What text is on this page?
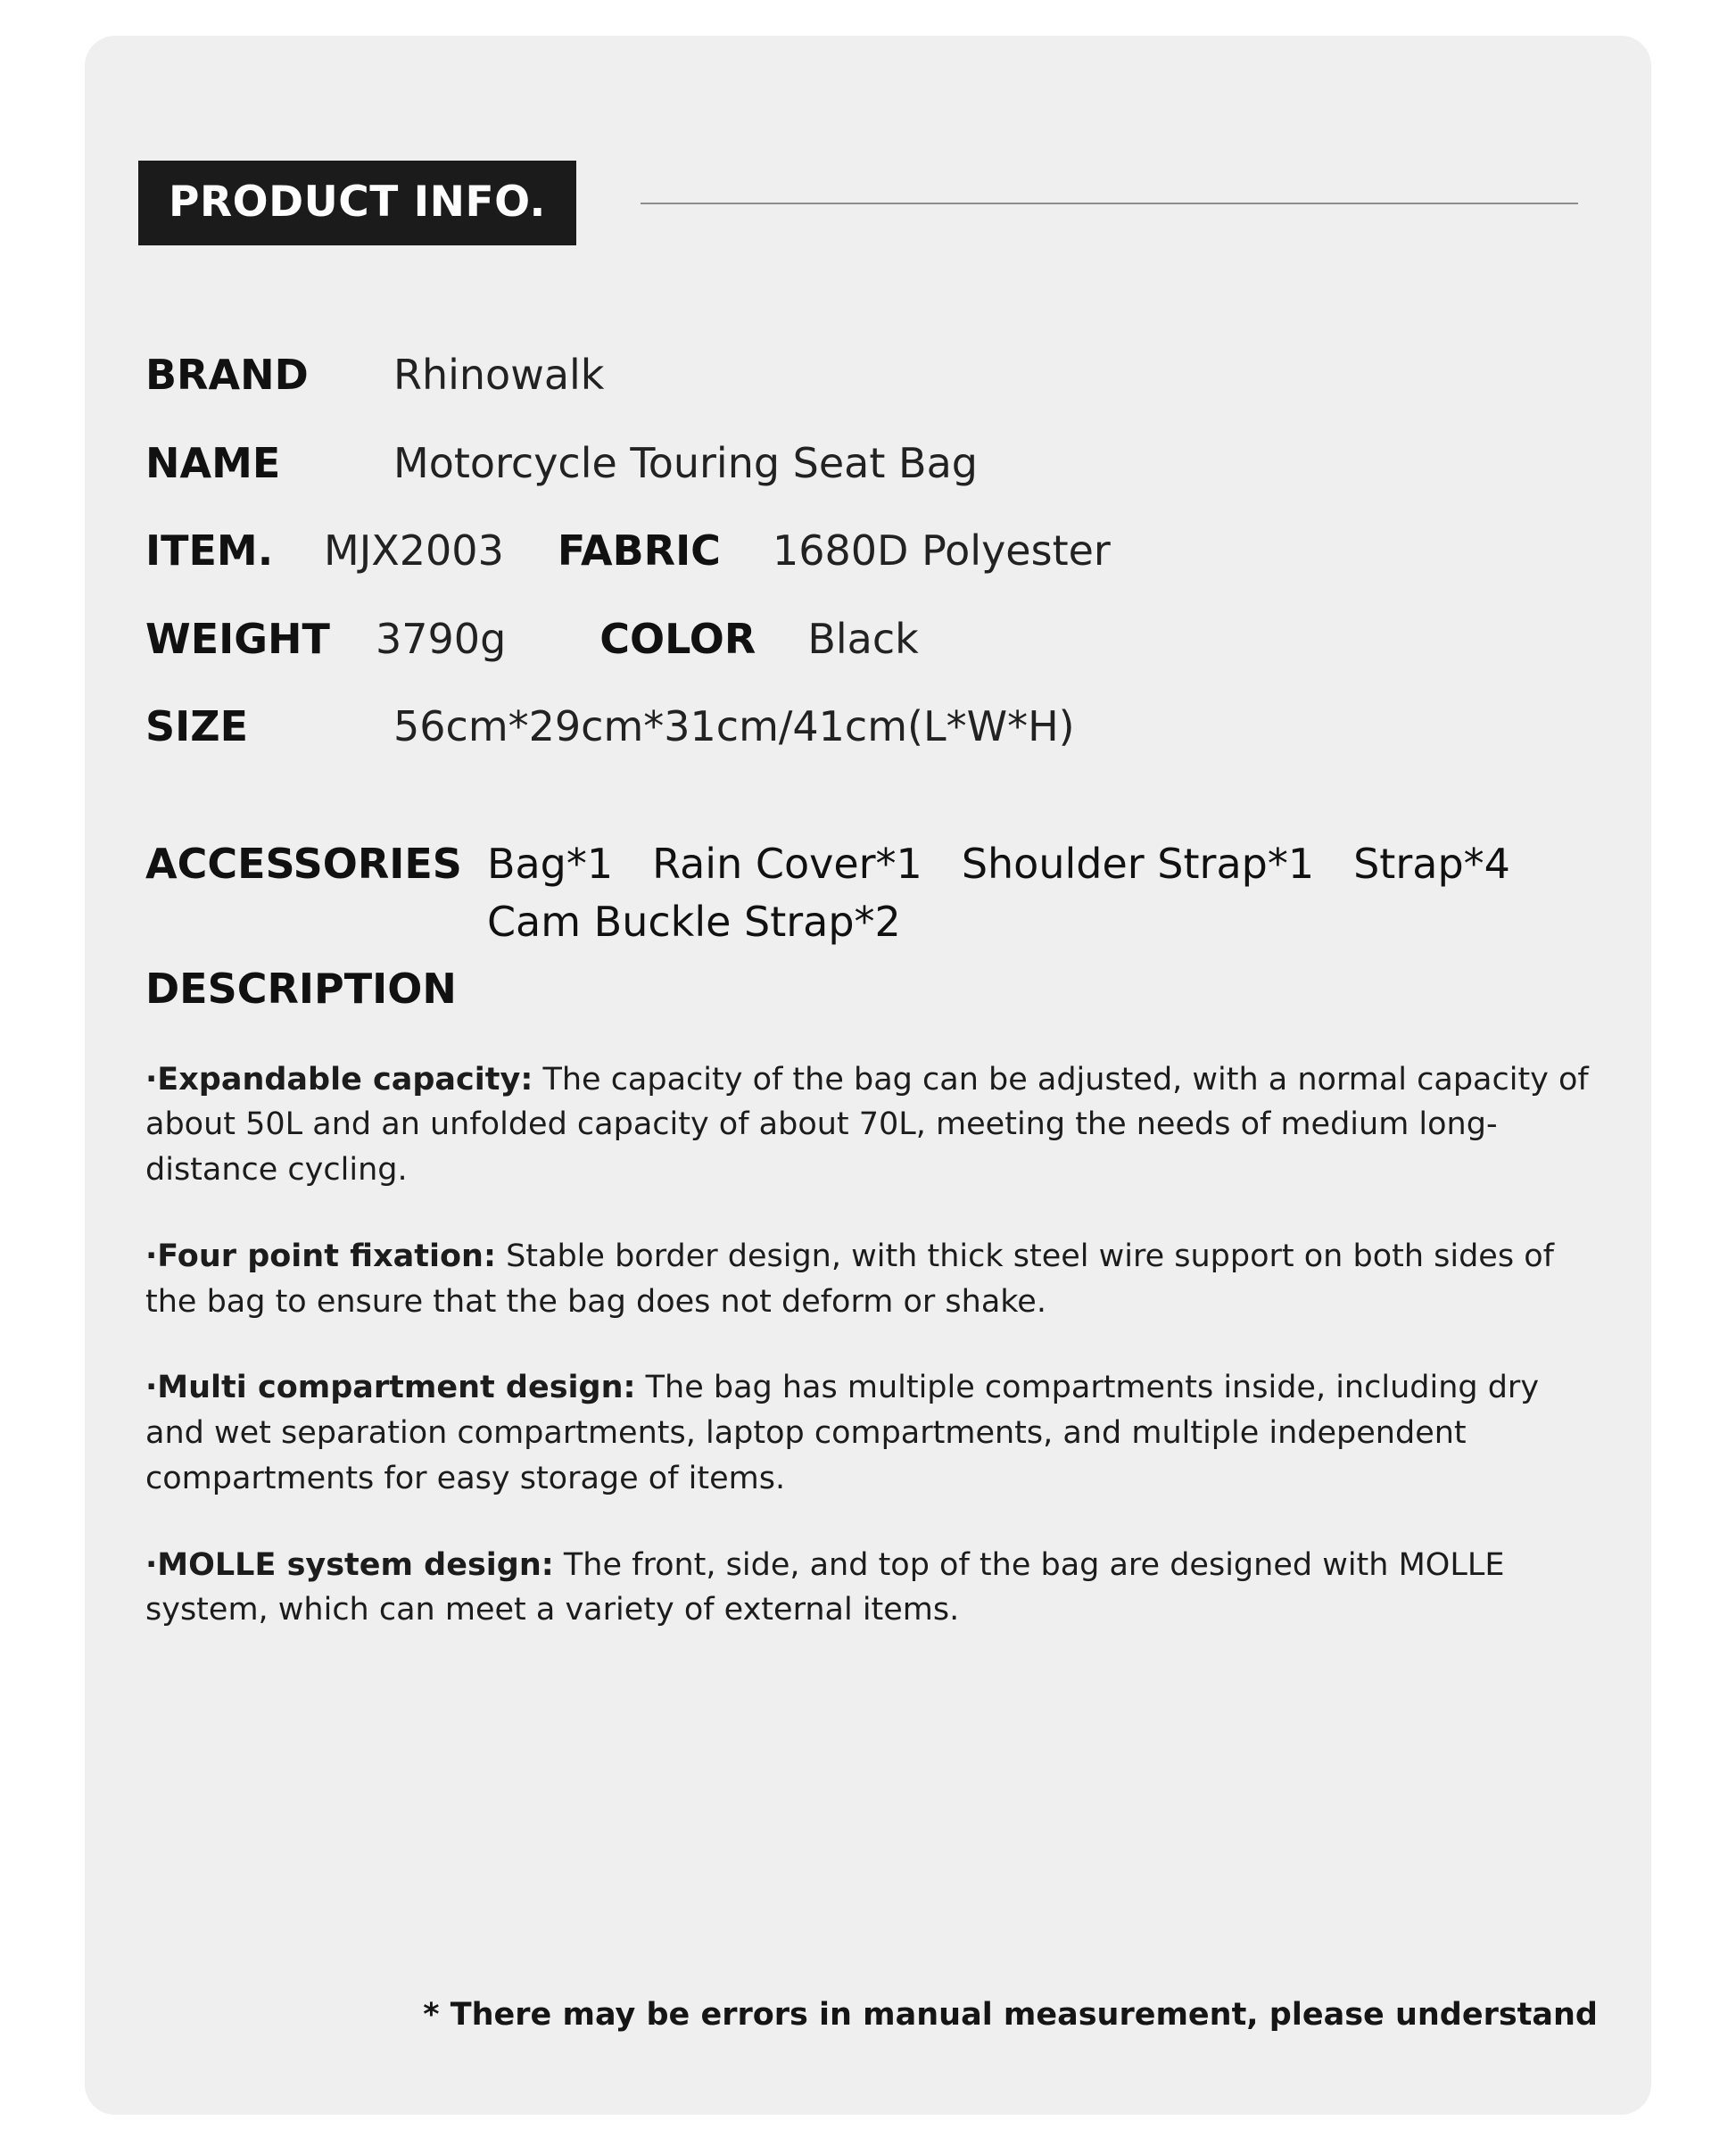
PRODUCT INFO.
BRAND	Rhinowalk
NAME	Motorcycle Touring Seat Bag
ITEM.	MJX2003 FABRIC 1680D Polyester
WEIGHT	3790g COLOR Black
SIZE	56cm*29cm*31cm/41cm(L*W*H)
ACCESSORIES Bag*1 Rain Cover*1 Shoulder Strap*1 Strap*4
Cam Buckle Strap*2
DESCRIPTION
·Expandable capacity: The capacity of the bag can be adjusted, with a normal capacity of about 50L and an unfolded capacity of about 70L, meeting the needs of medium long-distance cycling.
·Four point fixation: Stable border design, with thick steel wire support on both sides of the bag to ensure that the bag does not deform or shake.
·Multi compartment design: The bag has multiple compartments inside, including dry and wet separation compartments, laptop compartments, and multiple independent compartments for easy storage of items.
·MOLLE system design: The front, side, and top of the bag are designed with MOLLE system, which can meet a variety of external items.
* There may be errors in manual measurement, please understand
